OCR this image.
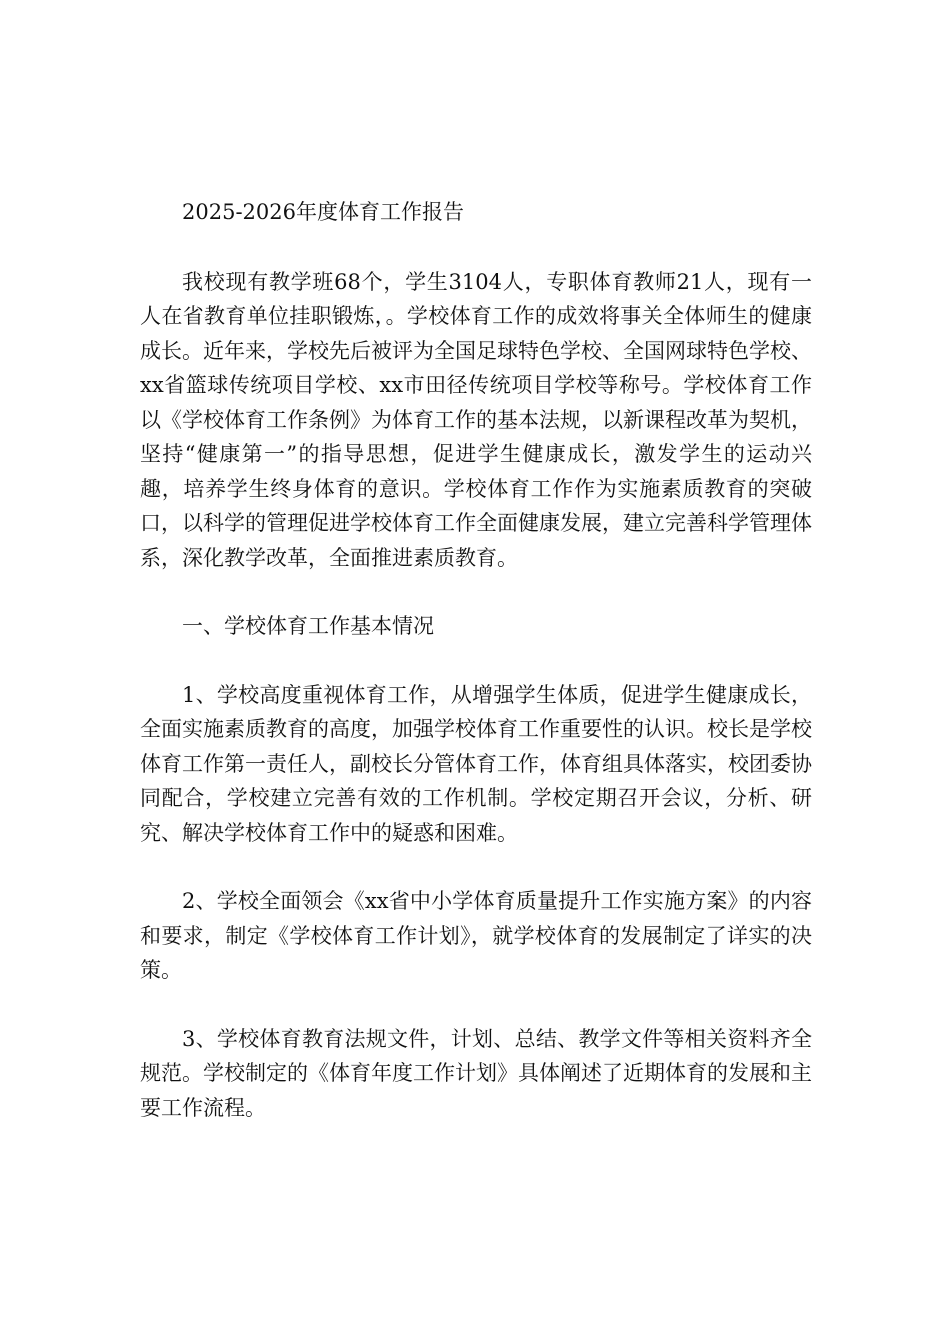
2025-2026年度体育工作报告

我校现有教学班68个，学生3104人，专职体育教师21人，现有一人在省教育单位挂职锻炼，。学校体育工作的成效将事关全体师生的健康成长。近年来，学校先后被评为全国足球特色学校、全国网球特色学校、xx省篮球传统项目学校、xx市田径传统项目学校等称号。学校体育工作以《学校体育工作条例》为体育工作的基本法规，以新课程改革为契机，坚持“健康第一”的指导思想，促进学生健康成长，激发学生的运动兴趣，培养学生终身体育的意识。学校体育工作作为实施素质教育的突破口，以科学的管理促进学校体育工作全面健康发展，建立完善科学管理体系，深化教学改革，全面推进素质教育。

一、学校体育工作基本情况

1、学校高度重视体育工作，从增强学生体质，促进学生健康成长，全面实施素质教育的高度，加强学校体育工作重要性的认识。校长是学校体育工作第一责任人，副校长分管体育工作，体育组具体落实，校团委协同配合，学校建立完善有效的工作机制。学校定期召开会议，分析、研究、解决学校体育工作中的疑惑和困难。

2、学校全面领会《xx省中小学体育质量提升工作实施方案》的内容和要求，制定《学校体育工作计划》，就学校体育的发展制定了详实的决策。

3、学校体育教育法规文件，计划、总结、教学文件等相关资料齐全规范。学校制定的《体育年度工作计划》具体阐述了近期体育的发展和主要工作流程。
